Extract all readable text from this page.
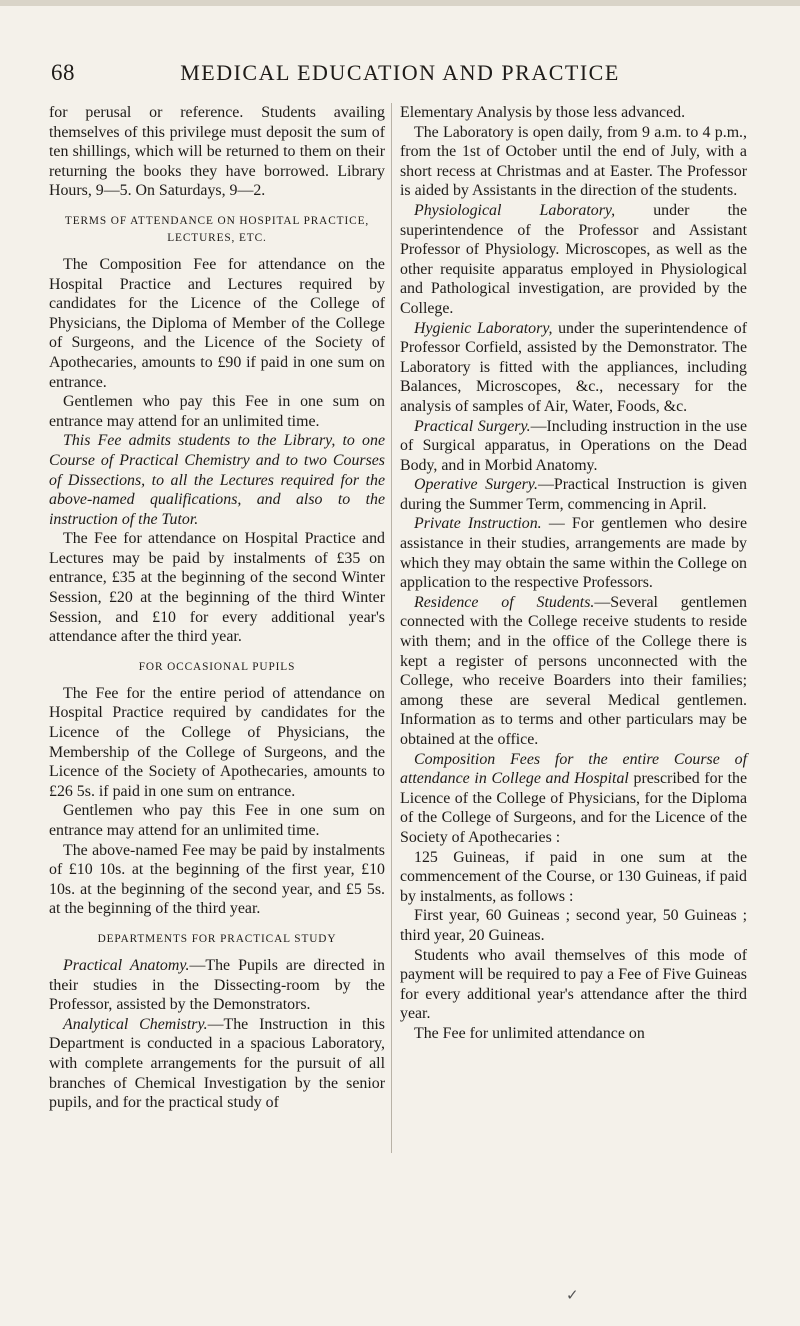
68	MEDICAL EDUCATION AND PRACTICE

for perusal or reference. Students availing themselves of this privilege must deposit the sum of ten shillings, which will be returned to them on their returning the books they have borrowed. Library Hours, 9—5. On Saturdays, 9—2.

TERMS OF ATTENDANCE ON HOSPITAL PRACTICE, LECTURES, ETC.

The Composition Fee for attendance on the Hospital Practice and Lectures required by candidates for the Licence of the College of Physicians, the Diploma of Member of the College of Surgeons, and the Licence of the Society of Apothecaries, amounts to £90 if paid in one sum on entrance.

Gentlemen who pay this Fee in one sum on entrance may attend for an unlimited time.

This Fee admits students to the Library, to one Course of Practical Chemistry and to two Courses of Dissections, to all the Lectures required for the above-named qualifications, and also to the instruction of the Tutor.

The Fee for attendance on Hospital Practice and Lectures may be paid by instalments of £35 on entrance, £35 at the beginning of the second Winter Session, £20 at the beginning of the third Winter Session, and £10 for every additional year's attendance after the third year.

FOR OCCASIONAL PUPILS

The Fee for the entire period of attendance on Hospital Practice required by candidates for the Licence of the College of Physicians, the Membership of the College of Surgeons, and the Licence of the Society of Apothecaries, amounts to £26 5s. if paid in one sum on entrance.

Gentlemen who pay this Fee in one sum on entrance may attend for an unlimited time.

The above-named Fee may be paid by instalments of £10 10s. at the beginning of the first year, £10 10s. at the beginning of the second year, and £5 5s. at the beginning of the third year.

DEPARTMENTS FOR PRACTICAL STUDY

Practical Anatomy.—The Pupils are directed in their studies in the Dissecting-room by the Professor, assisted by the Demonstrators.

Analytical Chemistry.—The Instruction in this Department is conducted in a spacious Laboratory, with complete arrangements for the pursuit of all branches of Chemical Investigation by the senior pupils, and for the practical study of

Elementary Analysis by those less advanced.

The Laboratory is open daily, from 9 a.m. to 4 p.m., from the 1st of October until the end of July, with a short recess at Christmas and at Easter. The Professor is aided by Assistants in the direction of the students.

Physiological Laboratory, under the superintendence of the Professor and Assistant Professor of Physiology. Microscopes, as well as the other requisite apparatus employed in Physiological and Pathological investigation, are provided by the College.

Hygienic Laboratory, under the superintendence of Professor Corfield, assisted by the Demonstrator. The Laboratory is fitted with the appliances, including Balances, Microscopes, &c., necessary for the analysis of samples of Air, Water, Foods, &c.

Practical Surgery.—Including instruction in the use of Surgical apparatus, in Operations on the Dead Body, and in Morbid Anatomy.

Operative Surgery.—Practical Instruction is given during the Summer Term, commencing in April.

Private Instruction. — For gentlemen who desire assistance in their studies, arrangements are made by which they may obtain the same within the College on application to the respective Professors.

Residence of Students.—Several gentlemen connected with the College receive students to reside with them; and in the office of the College there is kept a register of persons unconnected with the College, who receive Boarders into their families; among these are several Medical gentlemen. Information as to terms and other particulars may be obtained at the office.

Composition Fees for the entire Course of attendance in College and Hospital prescribed for the Licence of the College of Physicians, for the Diploma of the College of Surgeons, and for the Licence of the Society of Apothecaries :

125 Guineas, if paid in one sum at the commencement of the Course, or 130 Guineas, if paid by instalments, as follows :

First year, 60 Guineas ; second year, 50 Guineas ; third year, 20 Guineas.

Students who avail themselves of this mode of payment will be required to pay a Fee of Five Guineas for every additional year's attendance after the third year.

The Fee for unlimited attendance on

✓
